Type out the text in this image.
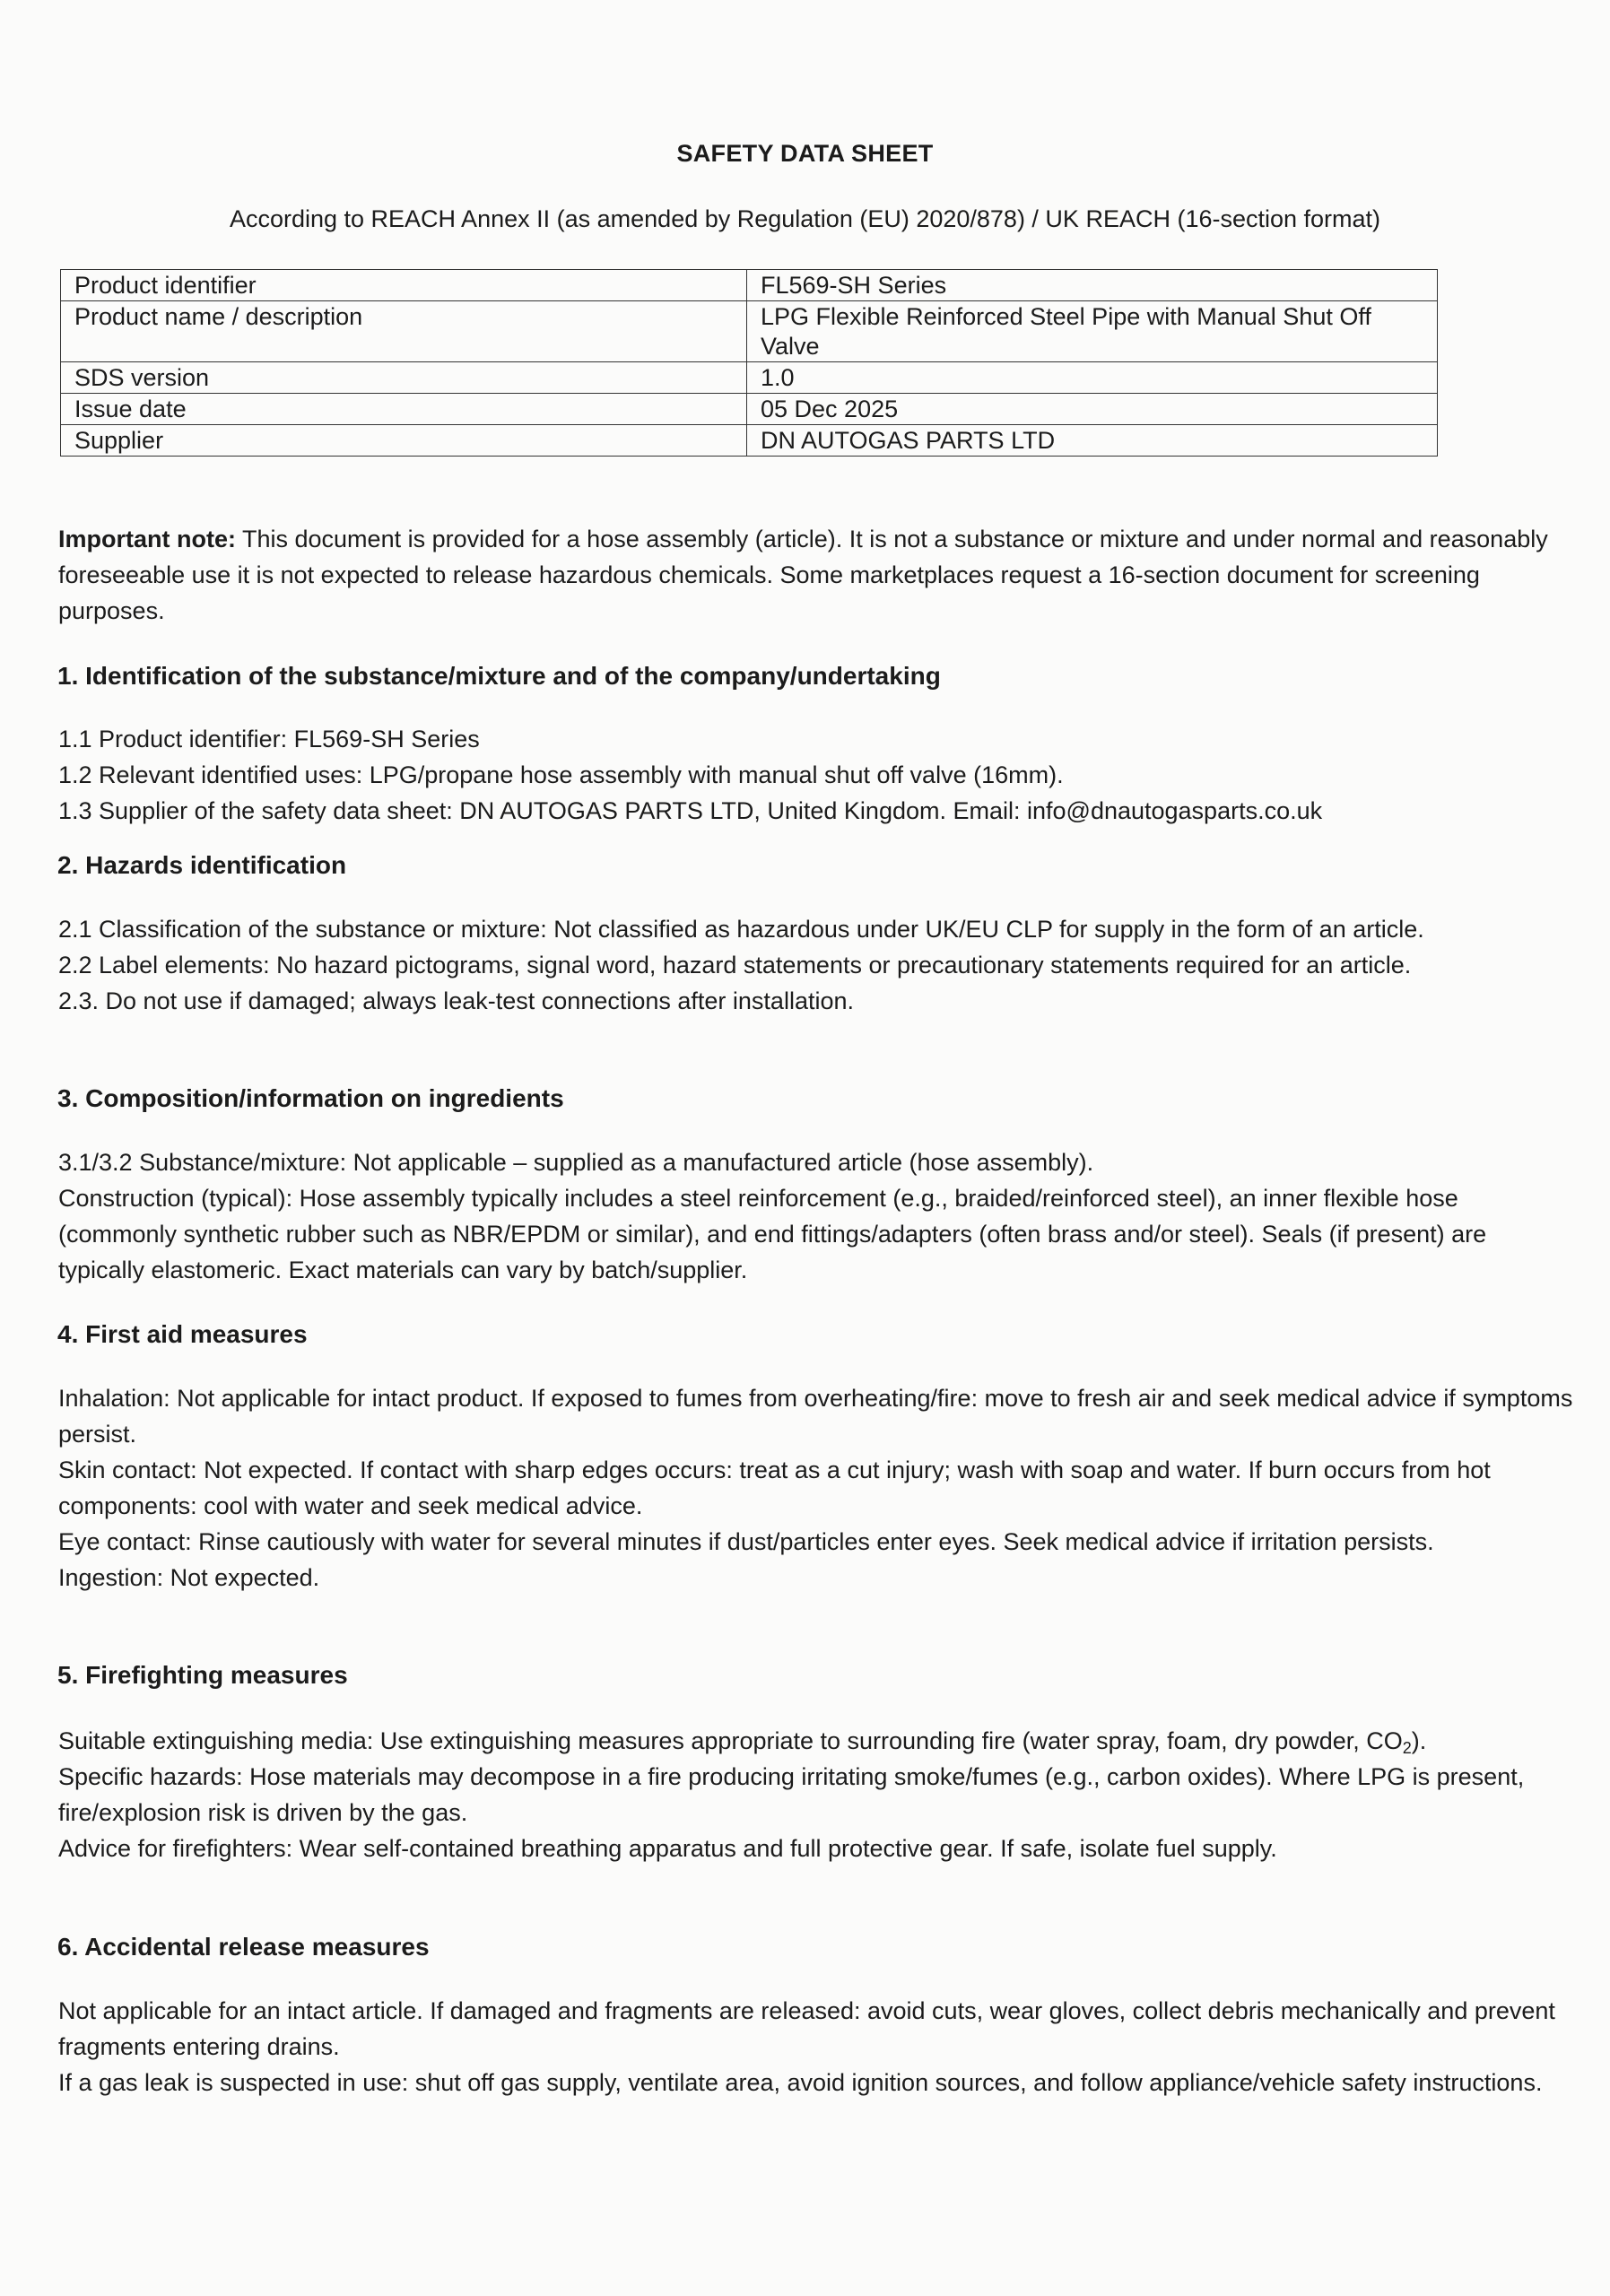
SAFETY DATA SHEET
According to REACH Annex II (as amended by Regulation (EU) 2020/878) / UK REACH (16-section format)
Product identifier	FL569-SH Series
Product name / description	LPG Flexible Reinforced Steel Pipe with Manual Shut Off Valve
SDS version	1.0
Issue date	05 Dec 2025
Supplier	DN AUTOGAS PARTS LTD

Important note: This document is provided for a hose assembly (article). It is not a substance or mixture and under normal and reasonably foreseeable use it is not expected to release hazardous chemicals. Some marketplaces request a 16-section document for screening purposes.

1. Identification of the substance/mixture and of the company/undertaking

1.1 Product identifier: FL569-SH Series

1.2 Relevant identified uses: LPG/propane hose assembly with manual shut off valve (16mm).

1.3 Supplier of the safety data sheet: DN AUTOGAS PARTS LTD, United Kingdom. Email: info@dnautogasparts.co.uk

2. Hazards identification

2.1 Classification of the substance or mixture: Not classified as hazardous under UK/EU CLP for supply in the form of an article.

2.2 Label elements: No hazard pictograms, signal word, hazard statements or precautionary statements required for an article.

2.3. Do not use if damaged; always leak-test connections after installation.

3. Composition/information on ingredients

3.1/3.2 Substance/mixture: Not applicable – supplied as a manufactured article (hose assembly).

Construction (typical): Hose assembly typically includes a steel reinforcement (e.g., braided/reinforced steel), an inner flexible hose (commonly synthetic rubber such as NBR/EPDM or similar), and end fittings/adapters (often brass and/or steel). Seals (if present) are typically elastomeric. Exact materials can vary by batch/supplier.

4. First aid measures

Inhalation: Not applicable for intact product. If exposed to fumes from overheating/fire: move to fresh air and seek medical advice if symptoms persist.

Skin contact: Not expected. If contact with sharp edges occurs: treat as a cut injury; wash with soap and water. If burn occurs from hot components: cool with water and seek medical advice.

Eye contact: Rinse cautiously with water for several minutes if dust/particles enter eyes. Seek medical advice if irritation persists.

Ingestion: Not expected.

5. Firefighting measures

Suitable extinguishing media: Use extinguishing measures appropriate to surrounding fire (water spray, foam, dry powder, $CO_2$).

Specific hazards: Hose materials may decompose in a fire producing irritating smoke/fumes (e.g., carbon oxides). Where LPG is present, fire/explosion risk is driven by the gas.

Advice for firefighters: Wear self-contained breathing apparatus and full protective gear. If safe, isolate fuel supply.

6. Accidental release measures

Not applicable for an intact article. If damaged and fragments are released: avoid cuts, wear gloves, collect debris mechanically and prevent fragments entering drains.

If a gas leak is suspected in use: shut off gas supply, ventilate area, avoid ignition sources, and follow appliance/vehicle safety instructions.
